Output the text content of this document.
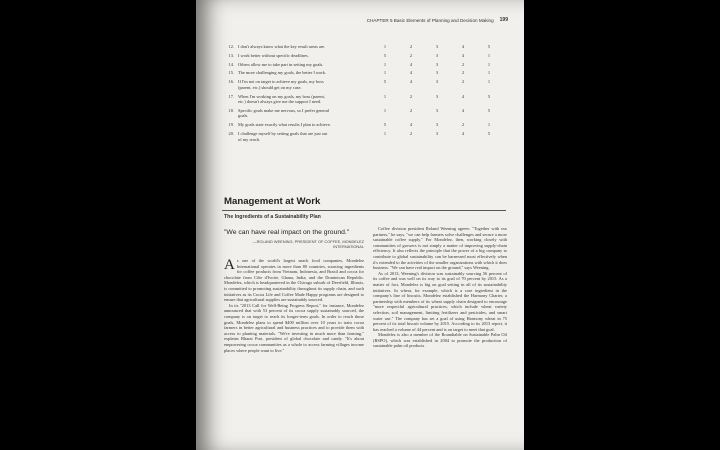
CHAPTER 5 Basic Elements of Planning and Decision Making 199
12. I don't always know what the key result areas are.	1	2	3	4	5
13. I work better without specific deadlines.	5	2	3	4	1
14. Others allow me to take part in setting my goals.	1	4	3	2	1
15. The more challenging my goals, the better I work.	1	4	3	2	1
16. If I'm not on target to achieve my goals, my boss (parent, etc.) should get on my case.
5	4	3	2	1
17. When I'm working on my goals, my boss (parent, etc.) doesn't always give me the support I need.
1	2	3	4	5
18. Specific goals make me nervous, so I prefer general goals.
1	2	3	4	5
19. My goals state exactly what results I plan to achieve.	5	4	3	2	1
20. I challenge myself by setting goals that are just out of my reach.
1	2	3	4	5
Management at Work
The Ingredients of a Sustainability Plan

"We can have real impact on the ground."

—ROLAND WEENING, PRESIDENT OF COFFEE, MONDELEZ INTERNATIONAL
A s one of the world's largest snack food companies, Mondelez International operates in more than 80 countries, sourcing ingredients for coffee products from Vietnam, Indonesia, and Brazil and cocoa for chocolate from Côte d'Ivoire, Ghana, India, and the Dominican Republic. Mondelez, which is headquartered in the Chicago suburb of Deerfield, Illinois, is committed to promoting sustainability throughout its supply chain, and such initiatives as its Cocoa Life and Coffee Made Happy programs are designed to ensure that agricultural supplies are sustainably sourced.

In its "2013 Call for Well-Being Progress Report," for instance, Mondelez announced that with 53 percent of its cocoa supply sustainably sourced, the company is on target to reach its longer-term goals. In order to reach those goals, Mondelez plans to spend $400 million over 10 years to train cocoa farmers in better agricultural and business practices and to provide them with access to planting materials. "We're investing in much more than farming," explains Bharat Puri, president of global chocolate and candy. "It's about empowering cocoa communities as a whole to access farming villages income places where people want to live."

Coffee division president Roland Weening agrees: "Together with our partners," he says, "we can help farmers solve challenges and secure a more sustainable coffee supply." For Mondelez, then, working closely with communities of growers is not simply a matter of improving supply-chain efficiency. It also reflects the principle that the power of a big company to contribute to global sustainability can be harnessed most effectively when it's extended to the activities of the smaller organizations with which it does business. "We can have real impact on the ground," says Weening.

As of 2013, Weening's division was sustainably sourcing 56 percent of its coffee and was well on its way to its goal of 70 percent by 2015. As a matter of fact, Mondelez is big on goal setting in all of its sustainability initiatives. In wheat, for example, which is a core ingredient in the company's line of biscuits, Mondelez established the Harmony Charter, a partnership with members of its wheat supply chain designed to encourage "more respectful agricultural practices, which include wheat variety selection, soil management, limiting fertilizers and pesticides, and smart water use." The company has set a goal of using Harmony wheat in 75 percent of its total biscuit volume by 2015. According to its 2013 report, it has reached a volume of 44 percent and is on target to meet that goal.

Mondelez is also a member of the Roundtable on Sustainable Palm Oil (RSPO), which was established in 2004 to promote the production of sustainable palm oil products
